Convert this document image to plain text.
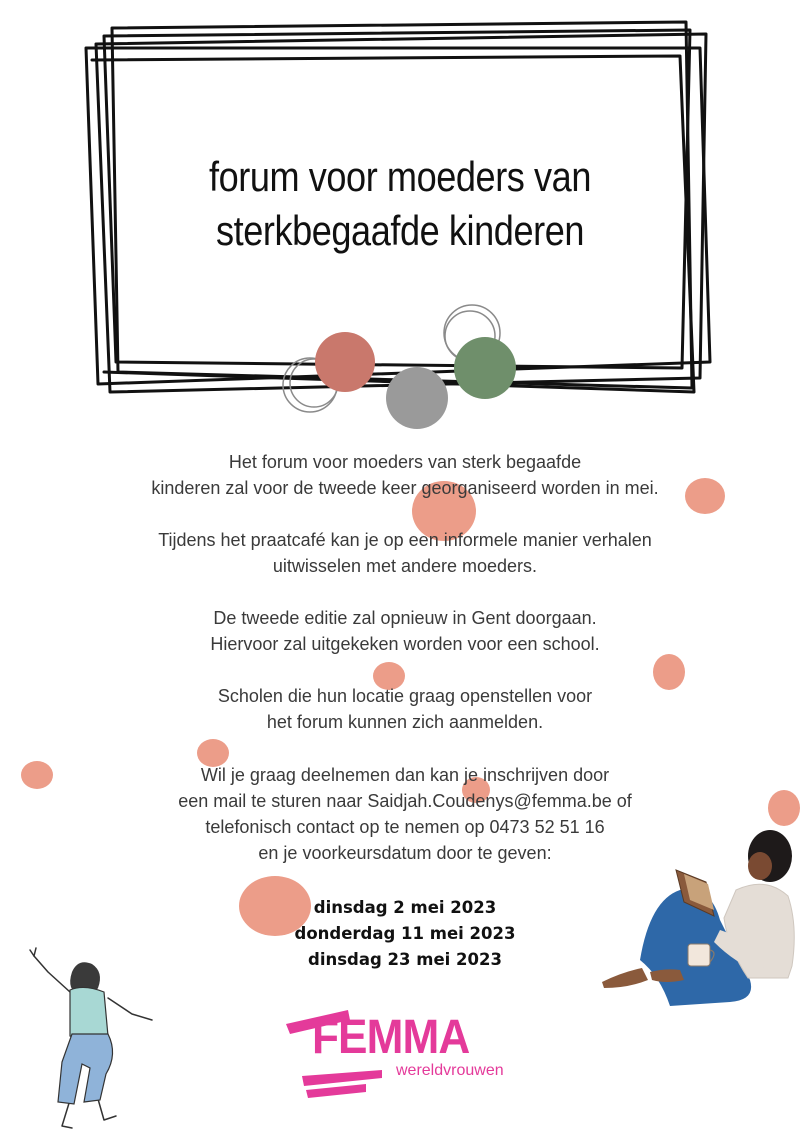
forum voor moeders van
sterkbegaafde kinderen
Het forum voor moeders van sterk begaafde
kinderen zal voor de tweede keer georganiseerd worden in mei.
Tijdens het praatcafé kan je op een informele manier verhalen
uitwisselen met andere moeders.
De tweede editie zal opnieuw in Gent doorgaan.
Hiervoor zal uitgekeken worden voor een school.
Scholen die hun locatie graag openstellen voor
het forum kunnen zich aanmelden.
Wil je graag deelnemen dan kan je inschrijven door
een mail te sturen naar Saidjah.Coudenys@femma.be of
telefonisch contact op te nemen op 0473 52 51 16
en je voorkeursdatum door te geven:
dinsdag 2 mei 2023
donderdag 11 mei 2023
dinsdag 23 mei 2023
FEMMA
wereldvrouwen
